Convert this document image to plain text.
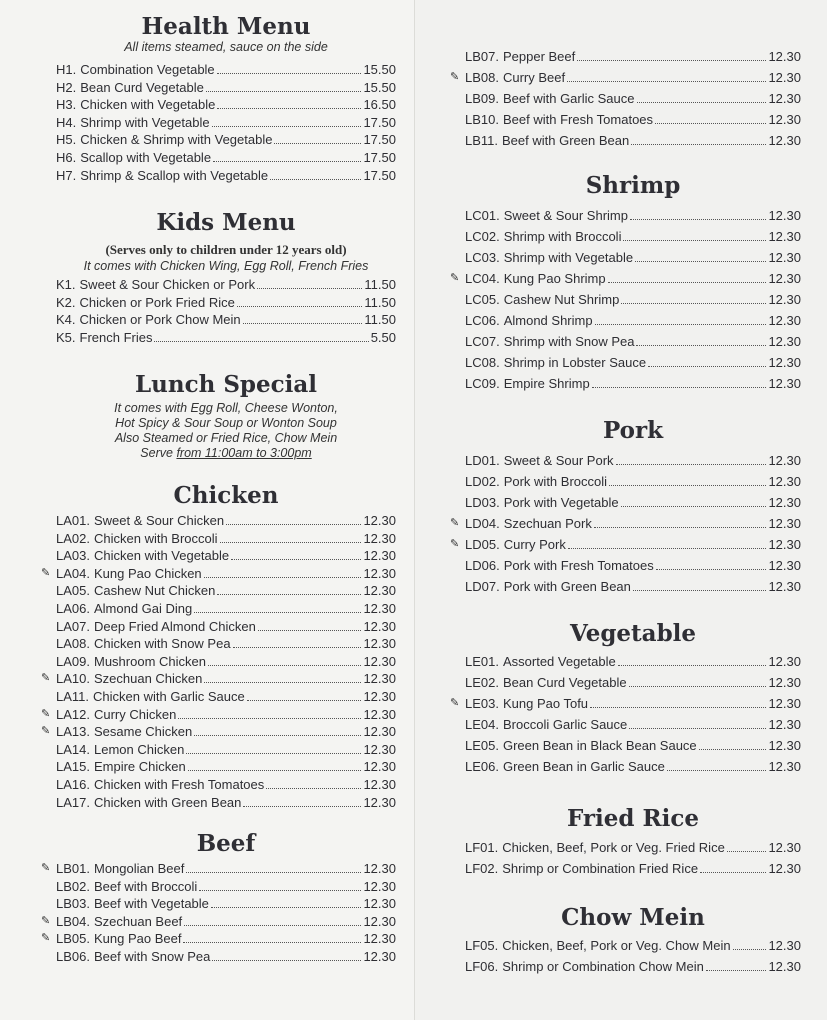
Health Menu
All items steamed, sauce on the side
H1. Combination Vegetable	15.50
H2. Bean Curd Vegetable	15.50
H3. Chicken with Vegetable	16.50
H4. Shrimp with Vegetable	17.50
H5. Chicken & Shrimp with Vegetable	17.50
H6. Scallop with Vegetable	17.50
H7. Shrimp & Scallop with Vegetable	17.50
Kids Menu
(Serves only to children under 12 years old)
It comes with Chicken Wing, Egg Roll, French Fries
K1. Sweet & Sour Chicken or Pork	11.50
K2. Chicken or Pork Fried Rice	11.50
K4. Chicken or Pork Chow Mein	11.50
K5. French Fries	5.50
Lunch Special
It comes with Egg Roll, Cheese Wonton,
Hot Spicy & Sour Soup or Wonton Soup
Also Steamed or Fried Rice, Chow Mein
Serve from 11:00am to 3:00pm
Chicken
LA01. Sweet & Sour Chicken	12.30
LA02. Chicken with Broccoli	12.30
LA03. Chicken with Vegetable	12.30
✎ LA04. Kung Pao Chicken	12.30
LA05. Cashew Nut Chicken	12.30
LA06. Almond Gai Ding	12.30
LA07. Deep Fried Almond Chicken	12.30
LA08. Chicken with Snow Pea	12.30
LA09. Mushroom Chicken	12.30
✎ LA10. Szechuan Chicken	12.30
LA11. Chicken with Garlic Sauce	12.30
✎ LA12. Curry Chicken	12.30
✎ LA13. Sesame Chicken	12.30
LA14. Lemon Chicken	12.30
LA15. Empire Chicken	12.30
LA16. Chicken with Fresh Tomatoes	12.30
LA17. Chicken with Green Bean	12.30
Beef
✎ LB01. Mongolian Beef	12.30
LB02. Beef with Broccoli	12.30
LB03. Beef with Vegetable	12.30
✎ LB04. Szechuan Beef	12.30
✎ LB05. Kung Pao Beef	12.30
LB06. Beef with Snow Pea	12.30
LB07. Pepper Beef	12.30
✎ LB08. Curry Beef	12.30
LB09. Beef with Garlic Sauce	12.30
LB10. Beef with Fresh Tomatoes	12.30
LB11. Beef with Green Bean	12.30
Shrimp
LC01. Sweet & Sour Shrimp	12.30
LC02. Shrimp with Broccoli	12.30
LC03. Shrimp with Vegetable	12.30
✎ LC04. Kung Pao Shrimp	12.30
LC05. Cashew Nut Shrimp	12.30
LC06. Almond Shrimp	12.30
LC07. Shrimp with Snow Pea	12.30
LC08. Shrimp in Lobster Sauce	12.30
LC09. Empire Shrimp	12.30
Pork
LD01. Sweet & Sour Pork	12.30
LD02. Pork with Broccoli	12.30
LD03. Pork with Vegetable	12.30
✎ LD04. Szechuan Pork	12.30
✎ LD05. Curry Pork	12.30
LD06. Pork with Fresh Tomatoes	12.30
LD07. Pork with Green Bean	12.30
Vegetable
LE01. Assorted Vegetable	12.30
LE02. Bean Curd Vegetable	12.30
✎ LE03. Kung Pao Tofu	12.30
LE04. Broccoli Garlic Sauce	12.30
LE05. Green Bean in Black Bean Sauce	12.30
LE06. Green Bean in Garlic Sauce	12.30
Fried Rice
LF01. Chicken, Beef, Pork or Veg. Fried Rice	12.30
LF02. Shrimp or Combination Fried Rice	12.30
Chow Mein
LF05. Chicken, Beef, Pork or Veg. Chow Mein	12.30
LF06. Shrimp or Combination Chow Mein	12.30
